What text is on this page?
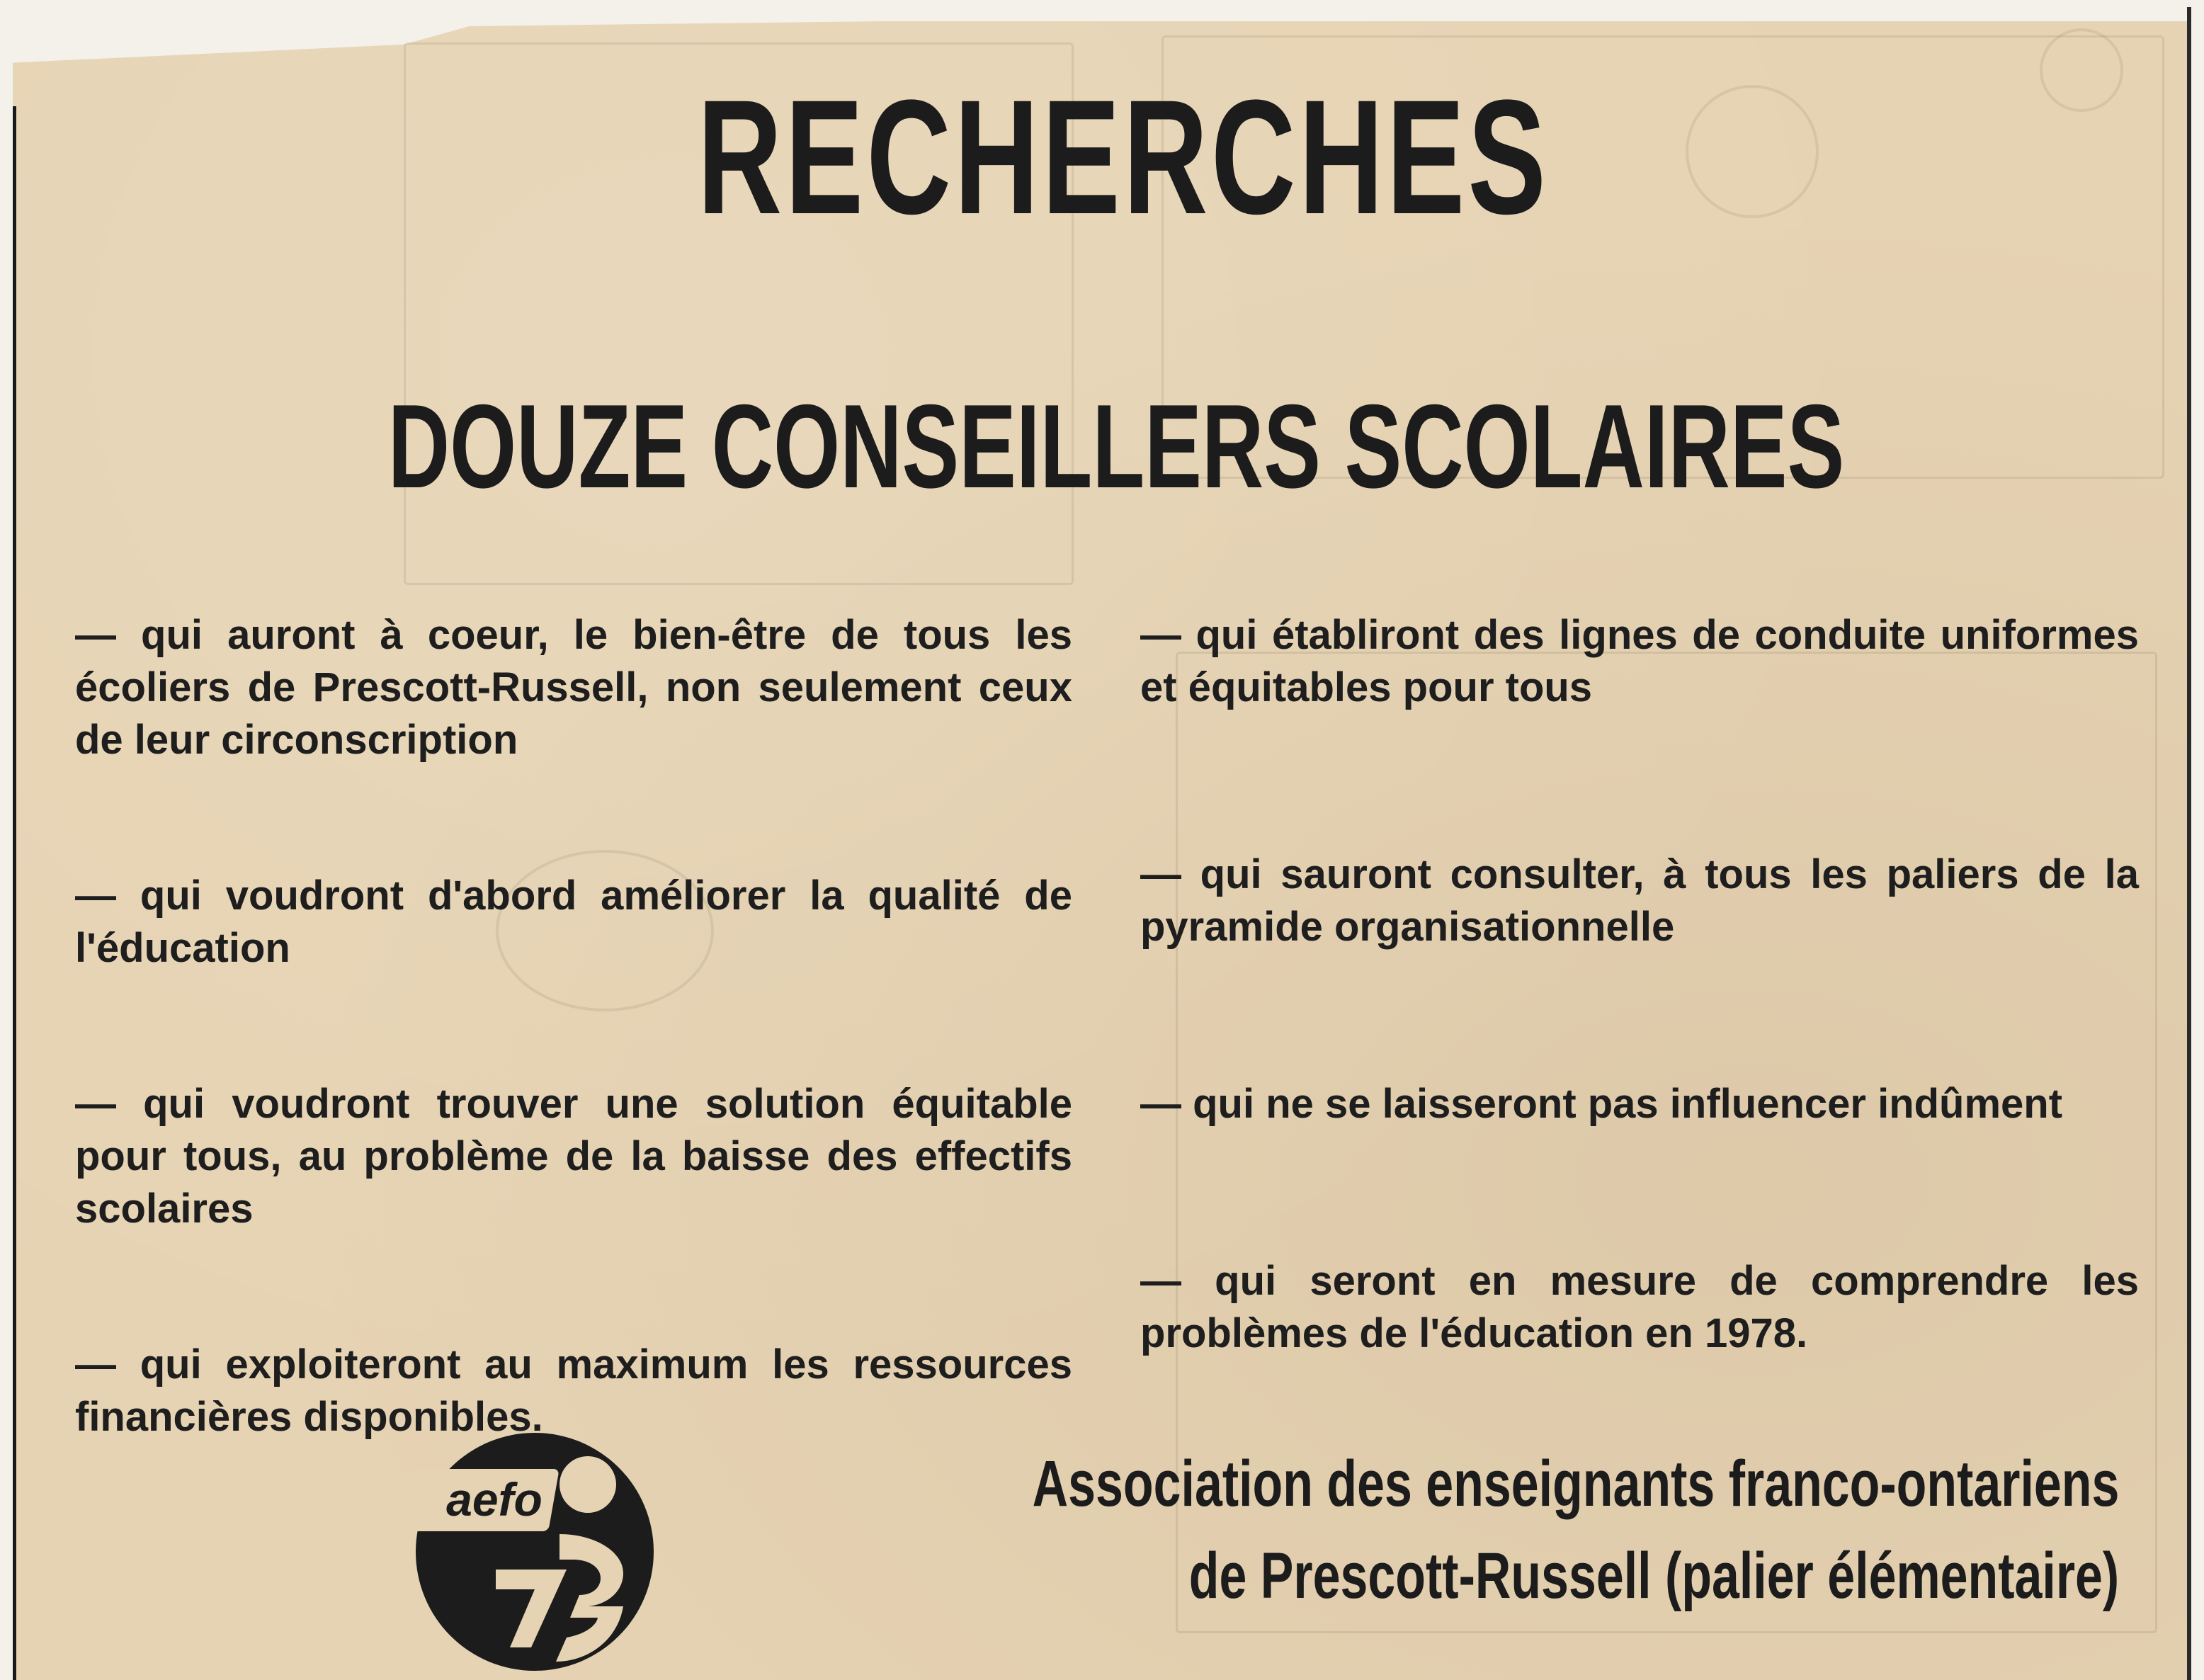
RECHERCHES
DOUZE CONSEILLERS SCOLAIRES

— qui auront à coeur, le bien-être de tous les écoliers de Prescott-Russell, non seulement ceux de leur circonscription

— qui voudront d'abord améliorer la qualité de l'éducation

— qui voudront trouver une solution équitable pour tous, au problème de la baisse des effectifs scolaires

— qui exploiteront au maximum les ressources financières disponibles.

— qui établiront des lignes de conduite uniformes et équitables pour tous

— qui sauront consulter, à tous les paliers de la pyramide organisationnelle

— qui ne se laisseront pas influencer indûment

— qui seront en mesure de comprendre les problèmes de l'éducation en 1978.

aefo	Association des enseignants franco-ontariens

de Prescott-Russell (palier élémentaire)
